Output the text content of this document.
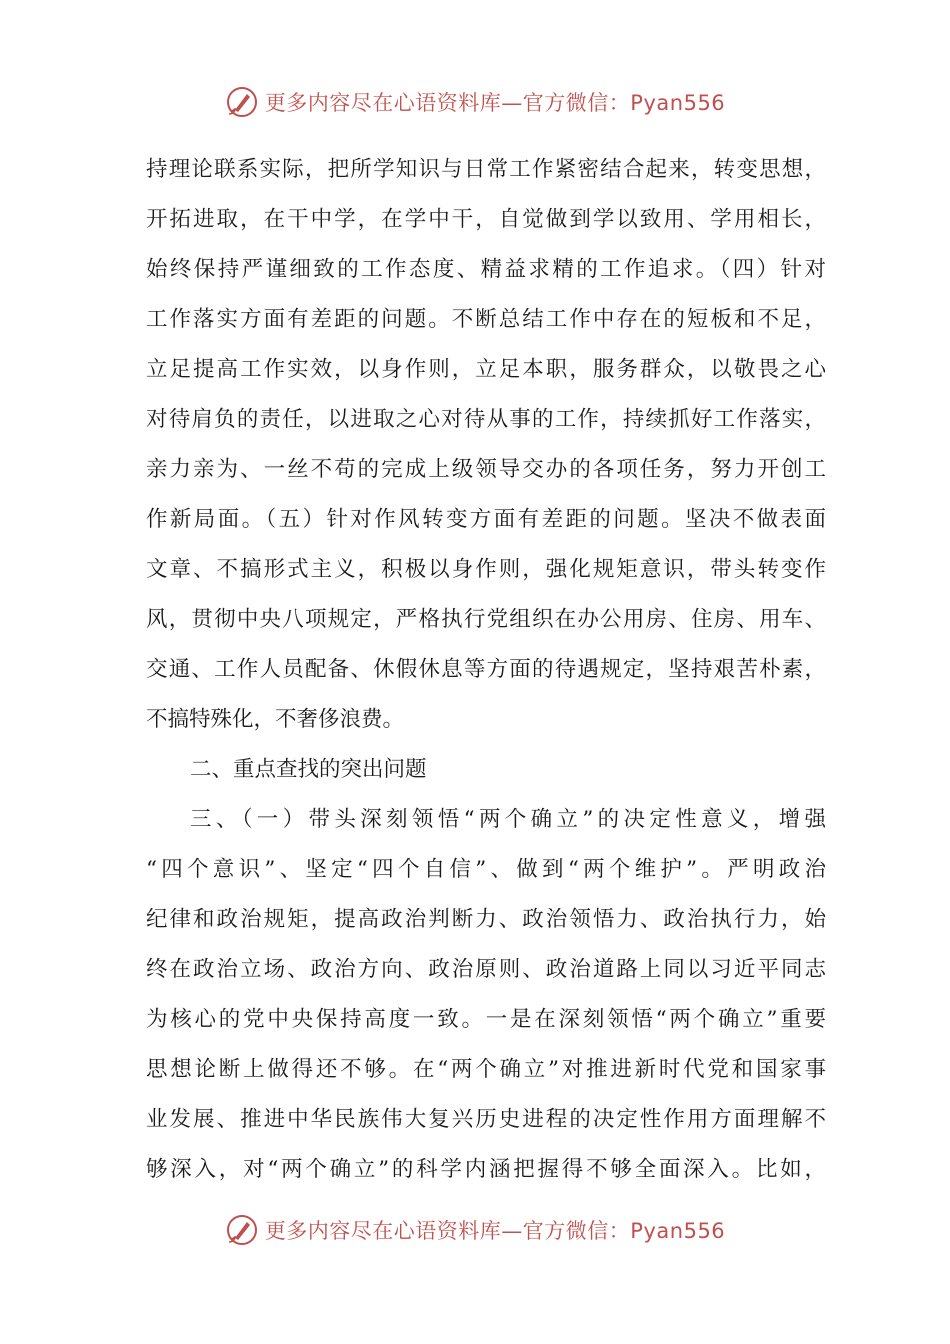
更多内容尽在心语资料库—官方微信：Pyan556
持理论联系实际，把所学知识与日常工作紧密结合起来，转变思想，
开拓进取，在干中学，在学中干，自觉做到学以致用、学用相长，
始终保持严谨细致的工作态度、精益求精的工作追求。（四）针对
工作落实方面有差距的问题。不断总结工作中存在的短板和不足，
立足提高工作实效，以身作则，立足本职，服务群众，以敬畏之心
对待肩负的责任，以进取之心对待从事的工作，持续抓好工作落实，
亲力亲为、一丝不苟的完成上级领导交办的各项任务，努力开创工
作新局面。（五）针对作风转变方面有差距的问题。坚决不做表面
文章、不搞形式主义，积极以身作则，强化规矩意识，带头转变作
风，贯彻中央八项规定，严格执行党组织在办公用房、住房、用车、
交通、工作人员配备、休假休息等方面的待遇规定，坚持艰苦朴素，
不搞特殊化，不奢侈浪费。
二、重点查找的突出问题
三、（一）带头深刻领悟“两个确立”的决定性意义，增强
“四个意识”、坚定“四个自信”、做到“两个维护”。严明政治
纪律和政治规矩，提高政治判断力、政治领悟力、政治执行力，始
终在政治立场、政治方向、政治原则、政治道路上同以习近平同志
为核心的党中央保持高度一致。一是在深刻领悟“两个确立”重要
思想论断上做得还不够。在“两个确立”对推进新时代党和国家事
业发展、推进中华民族伟大复兴历史进程的决定性作用方面理解不
够深入，对“两个确立”的科学内涵把握得不够全面深入。比如，
更多内容尽在心语资料库—官方微信：Pyan556
